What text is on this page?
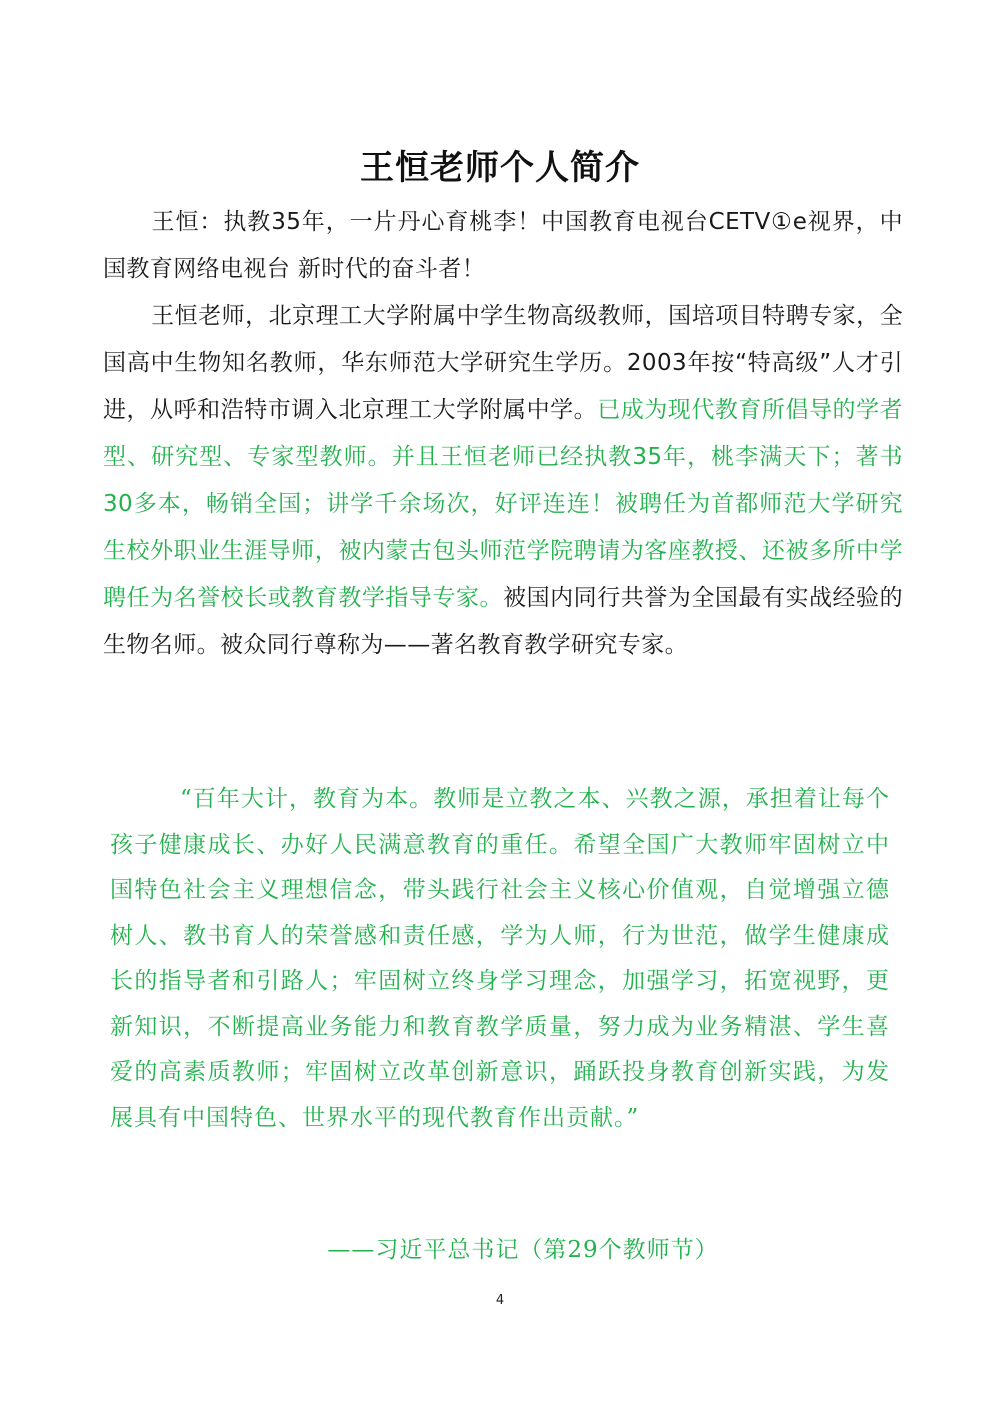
王恒老师个人简介
王恒：执教35年，一片丹心育桃李！中国教育电视台CETV①e视界，中国教育网络电视台 新时代的奋斗者！
王恒老师，北京理工大学附属中学生物高级教师，国培项目特聘专家，全国高中生物知名教师，华东师范大学研究生学历。2003年按“特高级”人才引进，从呼和浩特市调入北京理工大学附属中学。已成为现代教育所倡导的学者型、研究型、专家型教师。并且王恒老师已经执教35年，桃李满天下；著书30多本，畅销全国；讲学千余场次，好评连连！被聘任为首都师范大学研究生校外职业生涯导师，被内蒙古包头师范学院聘请为客座教授、还被多所中学聘任为名誉校长或教育教学指导专家。被国内同行共誉为全国最有实战经验的生物名师。被众同行尊称为——著名教育教学研究专家。
“百年大计，教育为本。教师是立教之本、兴教之源，承担着让每个孩子健康成长、办好人民满意教育的重任。希望全国广大教师牢固树立中国特色社会主义理想信念，带头践行社会主义核心价值观，自觉增强立德树人、教书育人的荣誉感和责任感，学为人师，行为世范，做学生健康成长的指导者和引路人；牢固树立终身学习理念，加强学习，拓宽视野，更新知识，不断提高业务能力和教育教学质量，努力成为业务精湛、学生喜爱的高素质教师；牢固树立改革创新意识，踊跃投身教育创新实践，为发展具有中国特色、世界水平的现代教育作出贡献。”
——习近平总书记（第29个教师节）
4
